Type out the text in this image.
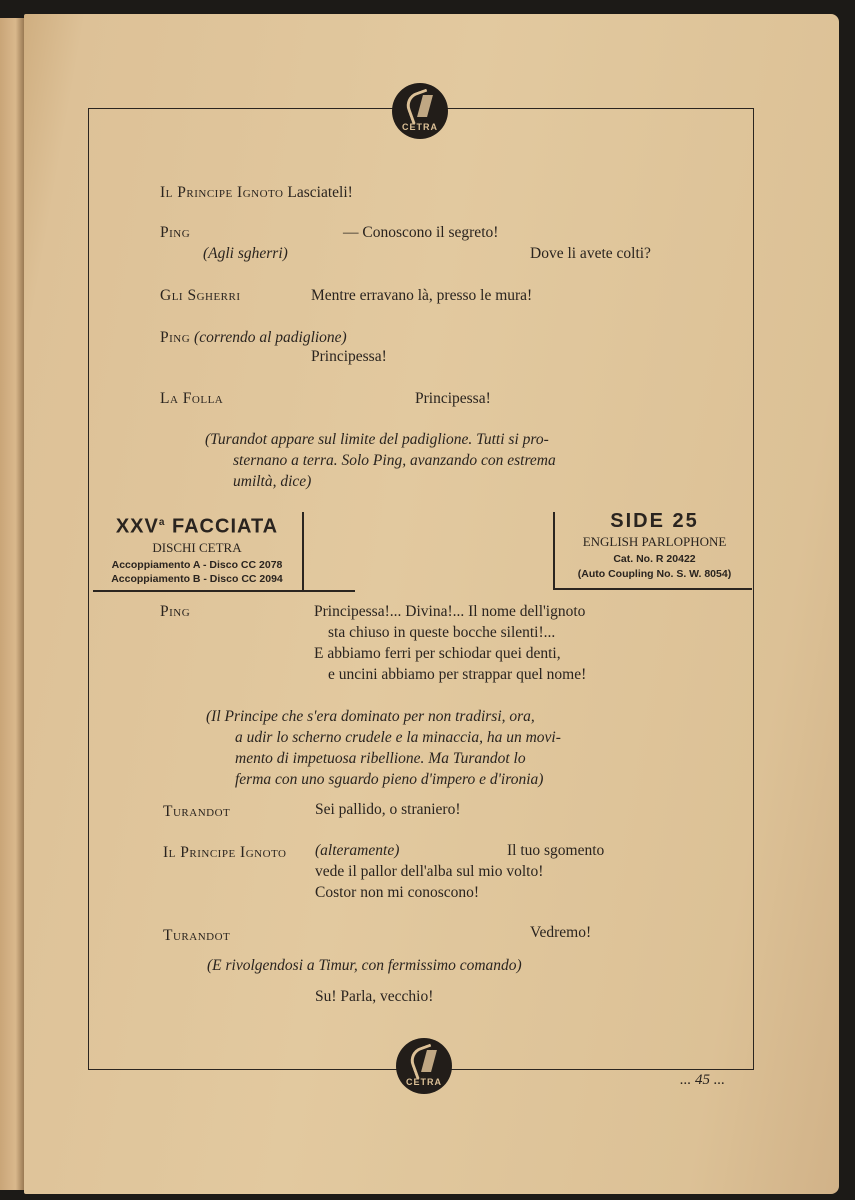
CETRA
Il Principe Ignoto Lasciateli!
Ping	— Conoscono il segreto!
(Agli sgherri)	Dove li avete colti?
Gli Sgherri	Mentre erravano là, presso le mura!
Ping (correndo al padiglione)
Principessa!
La Folla	Principessa!
(Turandot appare sul limite del padiglione. Tutti si pro-
sternano a terra. Solo Ping, avanzando con estrema
umiltà, dice)
XXV$^a$ FACCIATA
DISCHI CETRA
Accoppiamento A - Disco CC 2078
Accoppiamento B - Disco CC 2094
SIDE 25
ENGLISH PARLOPHONE
Cat. No. R 20422
(Auto Coupling No. S. W. 8054)
Ping	Principessa!... Divina!... Il nome dell'ignoto
sta chiuso in queste bocche silenti!...
E abbiamo ferri per schiodar quei denti,
e uncini abbiamo per strappar quel nome!
(Il Principe che s'era dominato per non tradirsi, ora,
a udir lo scherno crudele e la minaccia, ha un movi-
mento di impetuosa ribellione. Ma Turandot lo
ferma con uno sguardo pieno d'impero e d'ironia)
Turandot	Sei pallido, o straniero!
Il Principe Ignoto (alteramente)	Il tuo sgomento
vede il pallor dell'alba sul mio volto!
Costor non mi conoscono!
Turandot	Vedremo!
(E rivolgendosi a Timur, con fermissimo comando)
Su! Parla, vecchio!
CETRA	... 45 ...
